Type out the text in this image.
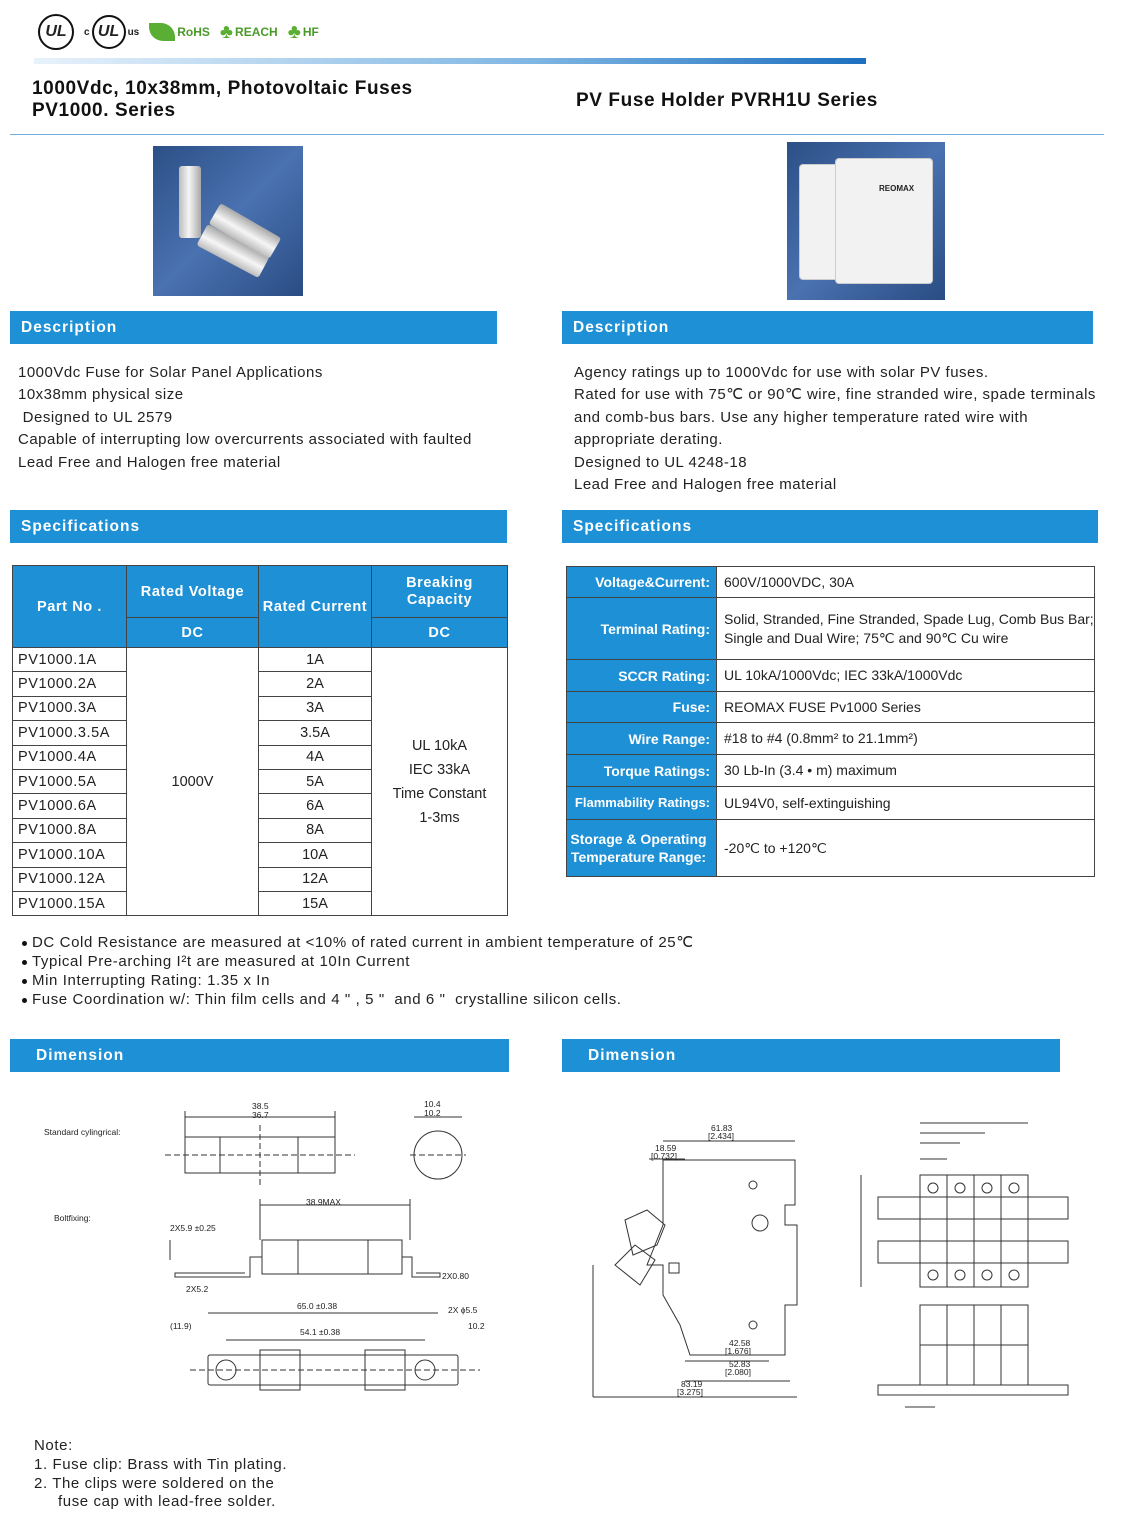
UL	c UL us	RoHS ♣ REACH ♣ HF
1000Vdc, 10x38mm, Photovoltaic Fuses
PV1000. Series	PV Fuse Holder PVRH1U Series
REOMAX
Description	Description
1000Vdc Fuse for Solar Panel Applications
10x38mm physical size
Designed to UL 2579
Capable of interrupting low overcurrents associated with faulted
Lead Free and Halogen free material
Agency ratings up to 1000Vdc for use with solar PV fuses.
Rated for use with 75℃ or 90℃ wire, fine stranded wire, spade terminals
and comb-bus bars. Use any higher temperature rated wire with
appropriate derating.
Designed to UL 4248-18
Lead Free and Halogen free material
Specifications	Specifications
Part No .	Rated Voltage	Rated Current	Breaking Capacity
	DC		DC
PV1000.1A	1000V	1A	UL 10kA
IEC 33kA
Time Constant
1-3ms

PV1000.2A		2A	
PV1000.3A		3A	
PV1000.3.5A		3.5A	
PV1000.4A		4A	
PV1000.5A		5A	
PV1000.6A		6A	
PV1000.8A		8A	
PV1000.10A		10A	
PV1000.12A		12A	
PV1000.15A		15A	
Voltage&Current:	600V/1000VDC, 30A
Terminal Rating:	Solid, Stranded, Fine Stranded, Spade Lug, Comb Bus Bar; Single and Dual Wire; 75℃ and 90℃ Cu wire
SCCR Rating:	UL 10kA/1000Vdc; IEC 33kA/1000Vdc
Fuse:	REOMAX FUSE Pv1000 Series
Wire Range:	#18 to #4 (0.8mm² to 21.1mm²)
Torque Ratings:	30 Lb-In (3.4 • m) maximum
Flammability Ratings:	UL94V0, self-extinguishing
Storage & Operating Temperature Range:	-20℃ to +120℃
DC Cold Resistance are measured at <10% of rated current in ambient temperature of 25℃
Typical Pre-arching I²t are measured at 10In Current
Min Interrupting Rating: 1.35 x In
Fuse Coordination w/: Thin film cells and 4 " , 5 "  and 6 "  crystalline silicon cells.
Dimension	Dimension
Standard cylingrical:
Boltfixing:
38.5
36.7
10.4
10.2
38.9MAX
2X5.9 ±0.25
2X0.80
2X5.2
65.0 ±0.38	2X ϕ5.5
(11.9)
54.1 ±0.38
10.2
61.83
[2.434]
18.59
[0.732]
42.58
[1.676]
52.83
[2.080]
83.19
[3.275]
Note:
1. Fuse clip: Brass with Tin plating.
2. The clips were soldered on the
fuse cap with lead-free solder.
